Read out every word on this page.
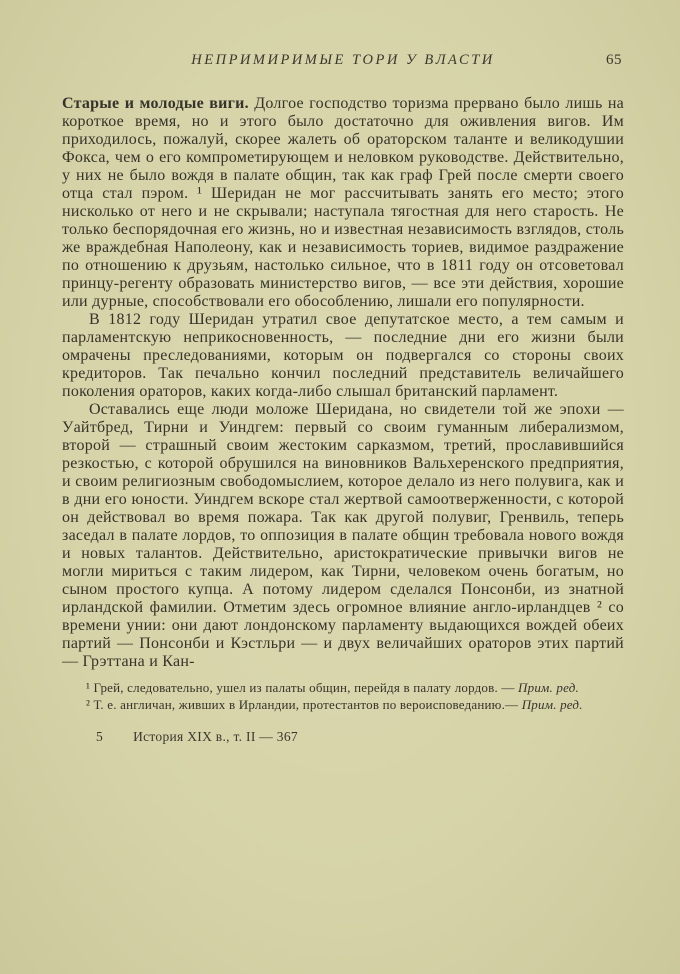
НЕПРИМИРИМЫЕ ТОРИ У ВЛАСТИ	65

Старые и молодые виги. Долгое господство торизма прервано было лишь на короткое время, но и этого было достаточно для оживления вигов. Им приходилось, пожалуй, скорее жалеть об ораторском таланте и великодушии Фокса, чем о его компрометирующем и неловком руководстве. Действительно, у них не было вождя в палате общин, так как граф Грей после смерти своего отца стал пэром. ¹ Шеридан не мог рассчитывать занять его место; этого нисколько от него и не скрывали; наступала тягостная для него старость. Не только беспорядочная его жизнь, но и известная независимость взглядов, столь же враждебная Наполеону, как и независимость ториев, видимое раздражение по отношению к друзьям, настолько сильное, что в 1811 году он отсоветовал принцу-регенту образовать министерство вигов, — все эти действия, хорошие или дурные, способствовали его обособлению, лишали его популярности.

В 1812 году Шеридан утратил свое депутатское место, а тем самым и парламентскую неприкосновенность, — последние дни его жизни были омрачены преследованиями, которым он подвергался со стороны своих кредиторов. Так печально кончил последний представитель величайшего поколения ораторов, каких когда-либо слышал британский парламент.

Оставались еще люди моложе Шеридана, но свидетели той же эпохи — Уайтбред, Тирни и Уиндгем: первый со своим гуманным либерализмом, второй — страшный своим жестоким сарказмом, третий, прославившийся резкостью, с которой обрушился на виновников Вальхеренского предприятия, и своим религиозным свободомыслием, которое делало из него полувига, как и в дни его юности. Уиндгем вскоре стал жертвой самоотверженности, с которой он действовал во время пожара. Так как другой полувиг, Гренвиль, теперь заседал в палате лордов, то оппозиция в палате общин требовала нового вождя и новых талантов. Действительно, аристократические привычки вигов не могли мириться с таким лидером, как Тирни, человеком очень богатым, но сыном простого купца. А потому лидером сделался Понсонби, из знатной ирландской фамилии. Отметим здесь огромное влияние англо-ирландцев ² со времени унии: они дают лондонскому парламенту выдающихся вождей обеих партий — Понсонби и Кэстльри — и двух величайших ораторов этих партий — Грэттана и Кан-

¹ Грей, следовательно, ушел из палаты общин, перейдя в палату лордов. — Прим. ред.

² Т. е. англичан, живших в Ирландии, протестантов по вероисповеданию.— Прим. ред.

5 История XIX в., т. II — 367
